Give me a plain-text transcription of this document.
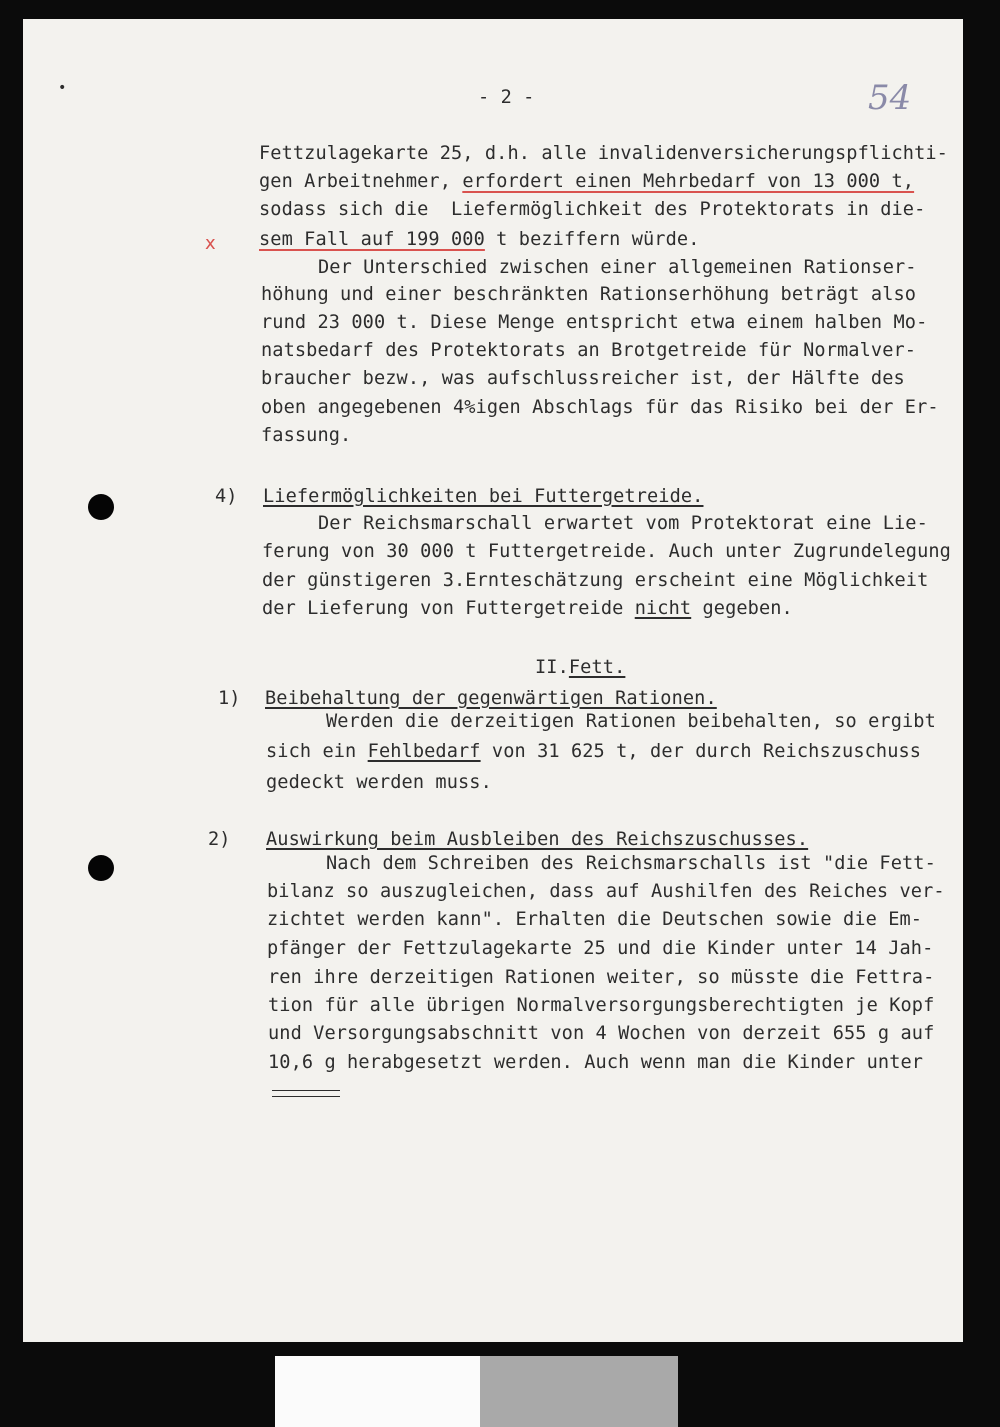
•	54
x
- 2 -
Fettzulagekarte 25, d.h. alle invalidenversicherungspflichti-
gen Arbeitnehmer, erfordert einen Mehrbedarf von 13 000 t,
sodass sich die  Liefermöglichkeit des Protektorats in die-
sem Fall auf 199 000 t beziffern würde.
Der Unterschied zwischen einer allgemeinen Rationser-
höhung und einer beschränkten Rationserhöhung beträgt also
rund 23 000 t. Diese Menge entspricht etwa einem halben Mo-
natsbedarf des Protektorats an Brotgetreide für Normalver-
braucher bezw., was aufschlussreicher ist, der Hälfte des
oben angegebenen 4%igen Abschlags für das Risiko bei der Er-
fassung.
4) Liefermöglichkeiten bei Futtergetreide.
Der Reichsmarschall erwartet vom Protektorat eine Lie-
ferung von 30 000 t Futtergetreide. Auch unter Zugrundelegung
der günstigeren 3.Ernteschätzung erscheint eine Möglichkeit
der Lieferung von Futtergetreide nicht gegeben.
II.Fett.
1) Beibehaltung der gegenwärtigen Rationen.
Werden die derzeitigen Rationen beibehalten, so ergibt
sich ein Fehlbedarf von 31 625 t, der durch Reichszuschuss
gedeckt werden muss.
2) Auswirkung beim Ausbleiben des Reichszuschusses.
Nach dem Schreiben des Reichsmarschalls ist "die Fett-
bilanz so auszugleichen, dass auf Aushilfen des Reiches ver-
zichtet werden kann". Erhalten die Deutschen sowie die Em-
pfänger der Fettzulagekarte 25 und die Kinder unter 14 Jah-
ren ihre derzeitigen Rationen weiter, so müsste die Fettra-
tion für alle übrigen Normalversorgungsberechtigten je Kopf
und Versorgungsabschnitt von 4 Wochen von derzeit 655 g auf
10,6 g herabgesetzt werden. Auch wenn man die Kinder unter
